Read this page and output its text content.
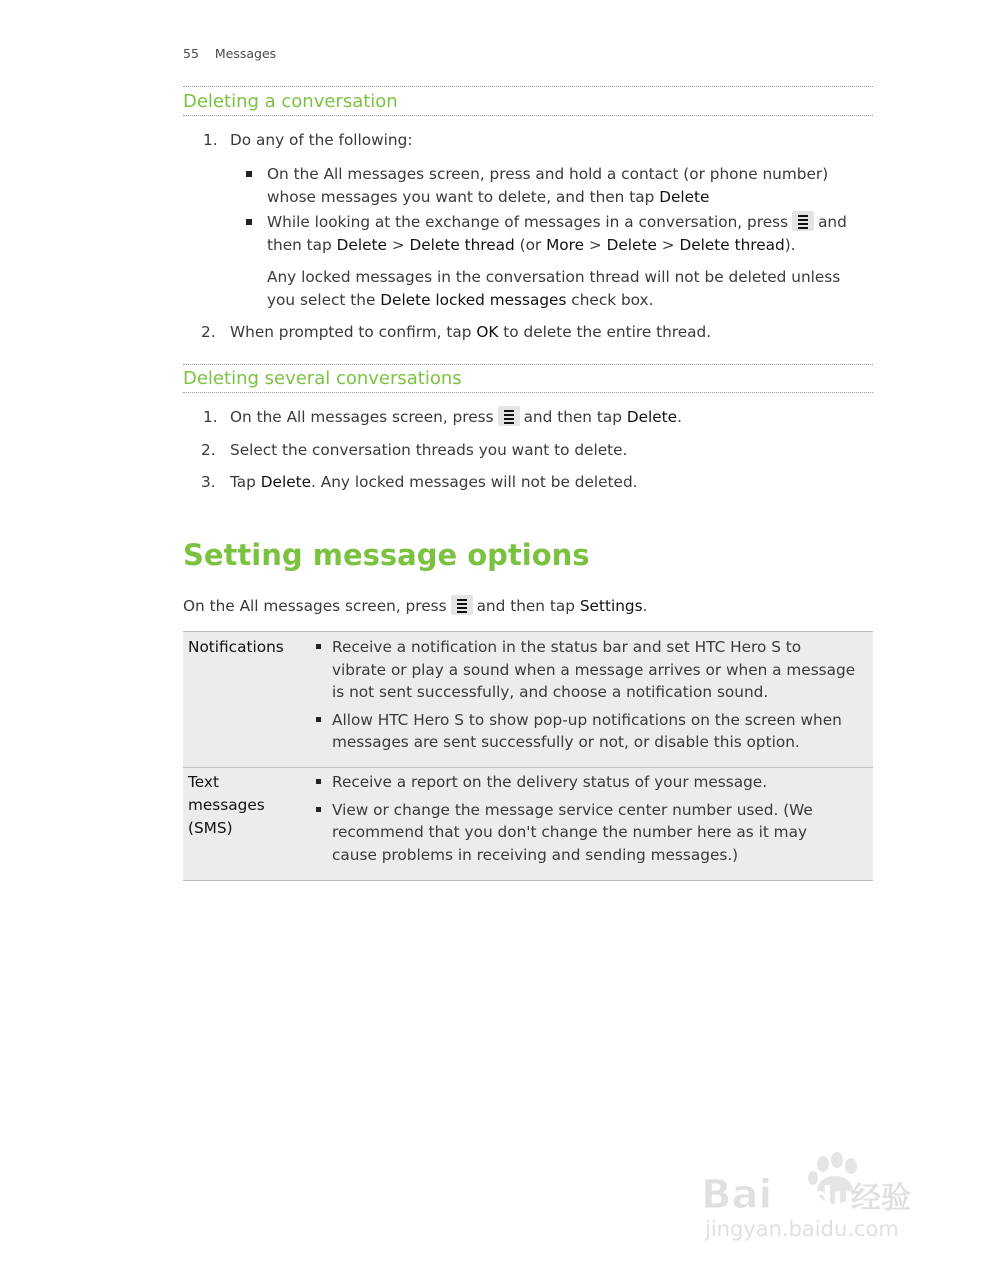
55 Messages
Deleting a conversation
1. Do any of the following:
On the All messages screen, press and hold a contact (or phone number)
whose messages you want to delete, and then tap Delete
While looking at the exchange of messages in a conversation, press and
then tap Delete > Delete thread (or More > Delete > Delete thread).
Any locked messages in the conversation thread will not be deleted unless
you select the Delete locked messages check box.
2. When prompted to confirm, tap OK to delete the entire thread.
Deleting several conversations
1. On the All messages screen, press and then tap Delete.
2. Select the conversation threads you want to delete.
3. Tap Delete. Any locked messages will not be deleted.
Setting message options
On the All messages screen, press and then tap Settings.
Notifications	Receive a notification in the status bar and set HTC Hero S to
vibrate or play a sound when a message arrives or when a message
is not sent successfully, and choose a notification sound.
Allow HTC Hero S to show pop-up notifications on the screen when
messages are sent successfully or not, or disable this option.
Text
messages
(SMS)
Receive a report on the delivery status of your message.
View or change the message service center number used. (We
recommend that you don't change the number here as it may
cause problems in receiving and sending messages.)
Bai du
经验
jingyan.baidu.com
